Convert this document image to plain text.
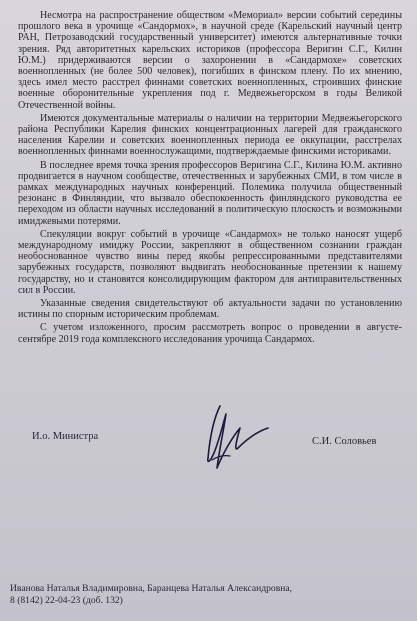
Несмотра на распространение обществом «Мемориал» версии событий середины прошлого века в урочище «Сандормох», в научной среде (Карельский научный центр РАН, Петрозаводский государственный университет) имеются альтернативные точки зрения. Ряд авторитетных карельских историков (профессора Веригин С.Г., Килин Ю.М.) придерживаются версии о захоронении в «Сандармохе» советских военнопленных (не более 500 человек), погибших в финском плену. По их мнению, здесь имел место расстрел финнами советских военнопленных, строивших финские военные оборонительные укрепления под г. Медвежьегорском в годы Великой Отечественной войны.

Имеются документальные материалы о наличии на территории Медвежьегорского района Республики Карелия финских концентрационных лагерей для гражданского населения Карелии и советских военнопленных периода ее оккупации, расстрелах военнопленных финнами военнослужащими, подтверждаемые финскими историками.

В последнее время точка зрения профессоров Веригина С.Г., Килина Ю.М. активно продвигается в научном сообществе, отечественных и зарубежных СМИ, в том числе в рамках международных научных конференций. Полемика получила общественный резонанс в Финляндии, что вызвало обеспокоенность финляндского руководства ее переходом из области научных исследований в политическую плоскость и возможными имиджевыми потерями.

Спекуляции вокруг событий в урочище «Сандармох» не только наносят ущерб международному имиджу России, закрепляют в общественном сознании граждан необоснованное чувство вины перед якобы репрессированными представителями зарубежных государств, позволяют выдвигать необоснованные претензии к нашему государству, но и становятся консолидирующим фактором для антиправительственных сил в России.

Указанные сведения свидетельствуют об актуальности задачи по установлению истины по спорным историческим проблемам.

С учетом изложенного, просим рассмотреть вопрос о проведении в августе-сентябре 2019 года комплексного исследования урочища Сандармох.

И.о. Министра	С.И. Соловьев
Иванова Наталья Владимировна, Баранцева Наталья Александровна,
8 (8142) 22-04-23 (доб. 132)
